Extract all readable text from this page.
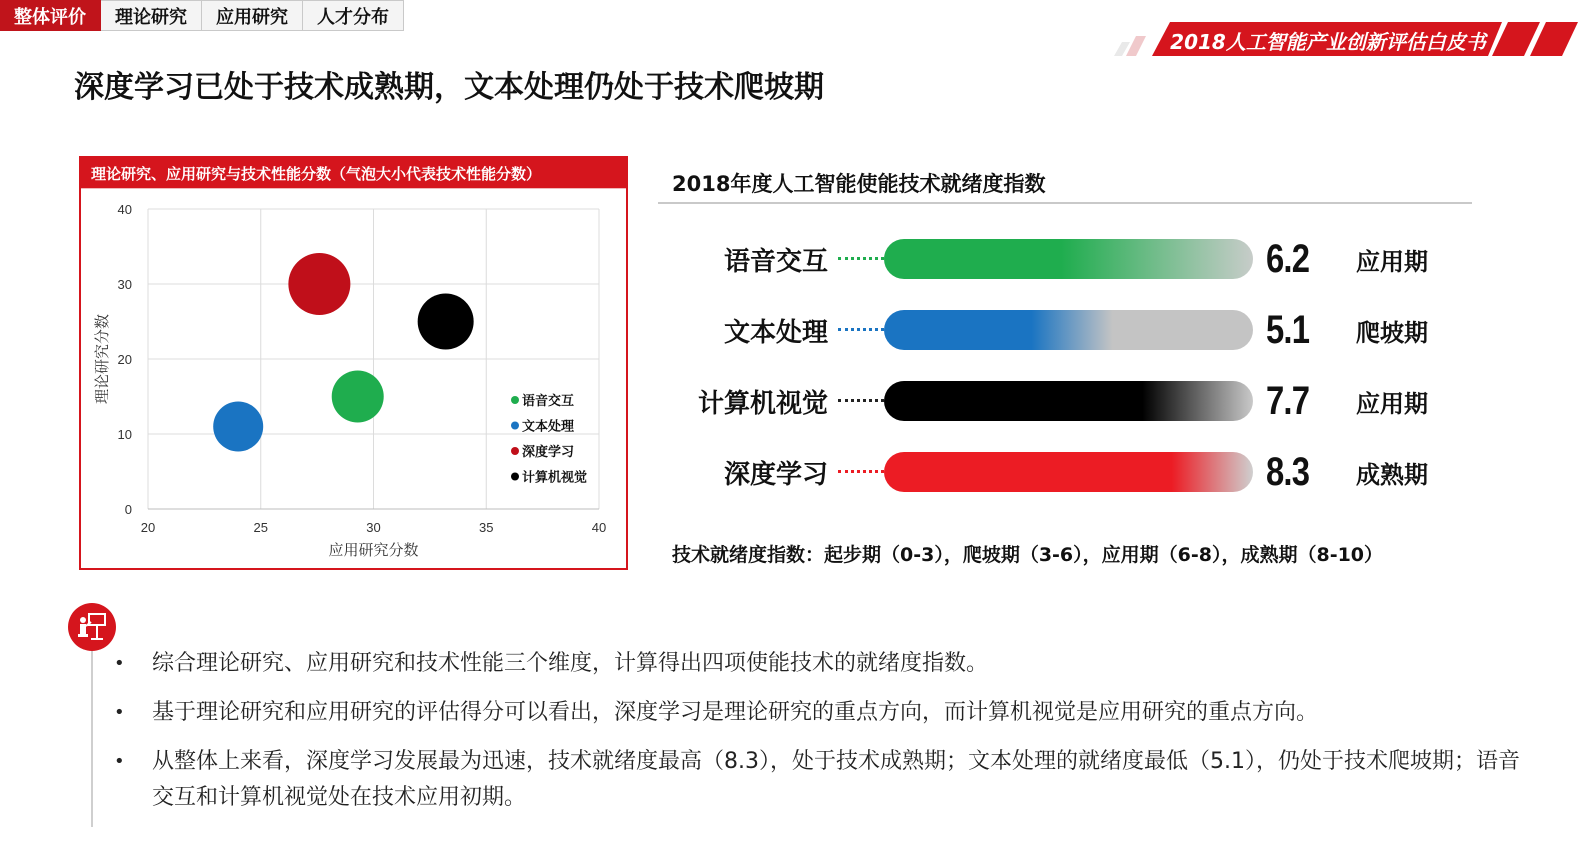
整体评价	理论研究	应用研究	人才分布
2018人工智能产业创新评估白皮书
深度学习已处于技术成熟期，文本处理仍处于技术爬坡期
理论研究、应用研究与技术性能分数（气泡大小代表技术性能分数）
0
10
20
30
40
20	25	30	35	40
应用研究分数
理论研究分数	语音交互
文本处理
深度学习
计算机视觉
2018年度人工智能使能技术就绪度指数
语音交互	6.2 应用期
文本处理	5.1 爬坡期
计算机视觉	7.7 应用期
深度学习	8.3 成熟期
技术就绪度指数：起步期（0-3），爬坡期（3-6），应用期（6-8），成熟期（8-10）
• 综合理论研究、应用研究和技术性能三个维度，计算得出四项使能技术的就绪度指数。
• 基于理论研究和应用研究的评估得分可以看出，深度学习是理论研究的重点方向，而计算机视觉是应用研究的重点方向。
• 从整体上来看，深度学习发展最为迅速，技术就绪度最高（8.3），处于技术成熟期；文本处理的就绪度最低（5.1），仍处于技术爬坡期；语音交互和计算机视觉处在技术应用初期。
